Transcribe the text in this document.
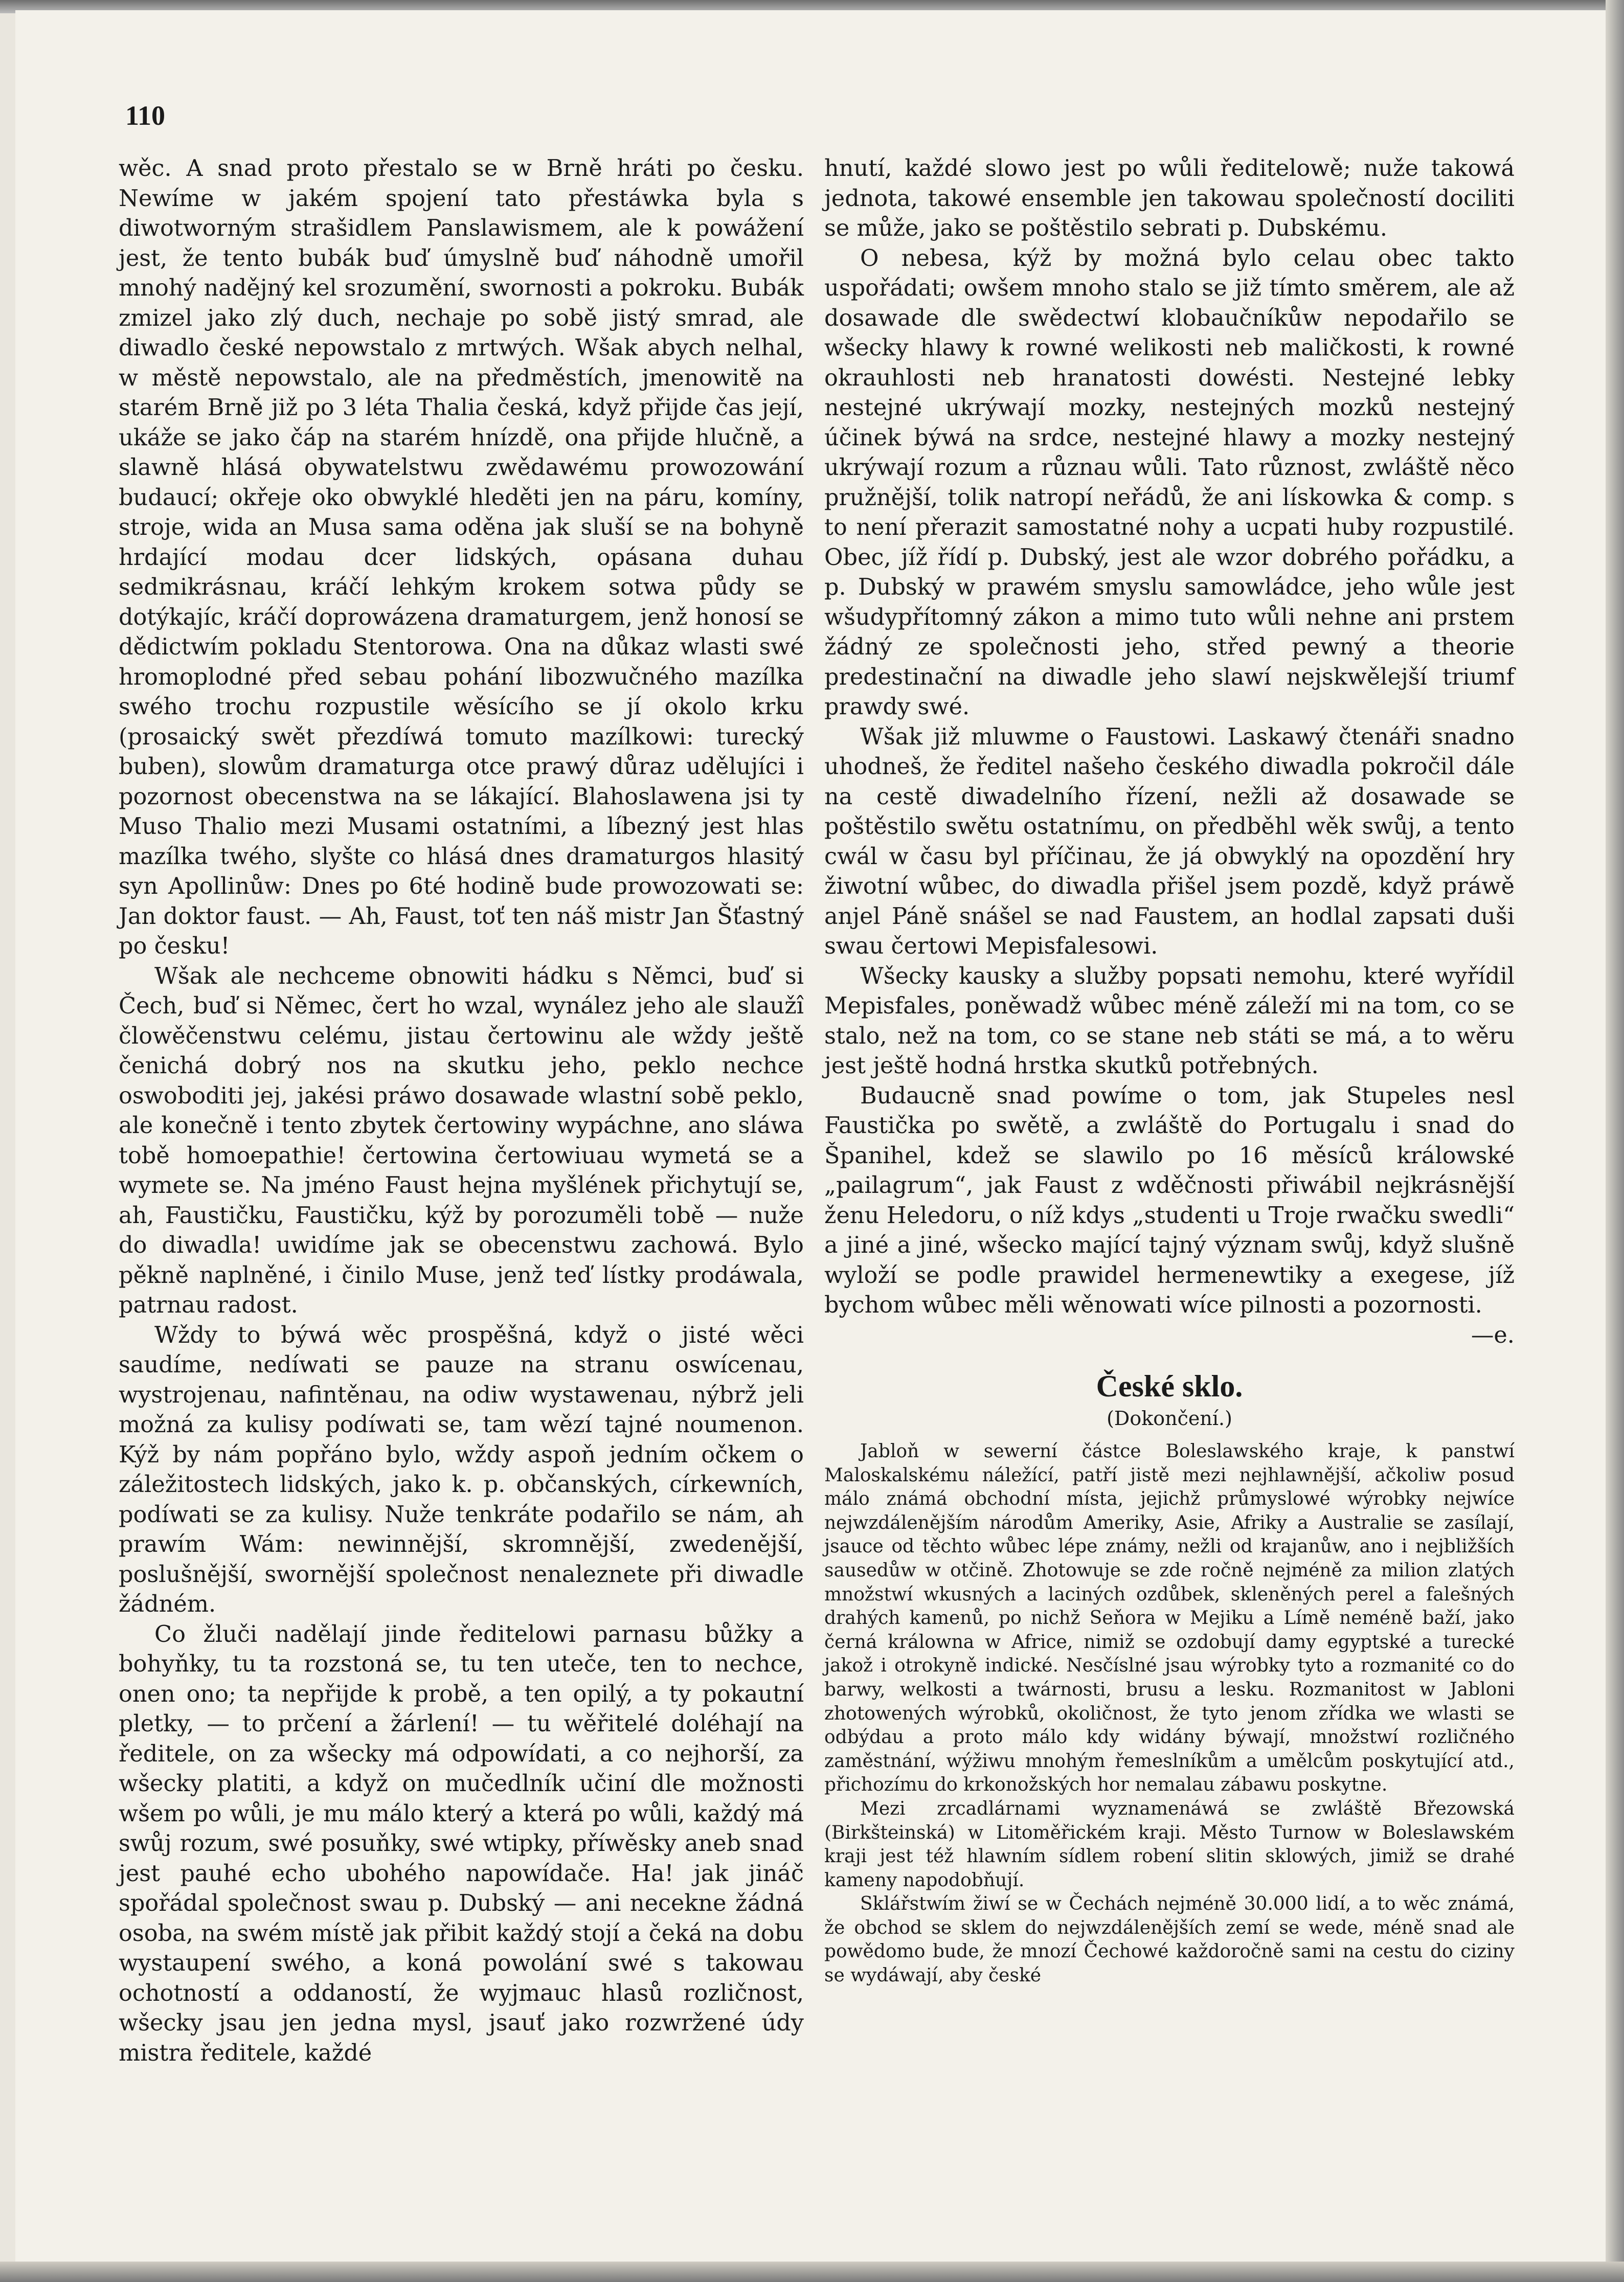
110

wěc. A snad proto přestalo se w Brně hráti po česku. Newíme w jakém spojení tato přestáwka byla s diwotworným strašidlem Panslawismem, ale k powážení jest, že tento bubák buď úmyslně buď náhodně umořil mnohý nadějný kel srozumění, swornosti a pokroku. Bubák zmizel jako zlý duch, nechaje po sobě jistý smrad, ale diwadlo české nepowstalo z mrtwých. Wšak abych nelhal, w městě nepowstalo, ale na předměstích, jmenowitě na starém Brně již po 3 léta Thalia česká, když přijde čas její, ukáže se jako čáp na starém hnízdě, ona přijde hlučně, a slawně hlásá obywatelstwu zwědawému prowozowání budaucí; okřeje oko obwyklé hleděti jen na páru, komíny, stroje, wida an Musa sama oděna jak sluší se na bohyně hrdající modau dcer lidských, opásana duhau sedmikrásnau, kráčí lehkým krokem sotwa půdy se dotýkajíc, kráčí doprowázena dramaturgem, jenž honosí se dědictwím pokladu Stentorowa. Ona na důkaz wlasti swé hromoplodné před sebau pohání libozwučného mazílka swého trochu rozpustile wěsícího se jí okolo krku (prosaický swět přezdíwá tomuto mazílkowi: turecký buben), slowům dramaturga otce prawý důraz udělujíci i pozornost obecenstwa na se lákající. Blahoslawena jsi ty Muso Thalio mezi Musami ostatními, a líbezný jest hlas mazílka twého, slyšte co hlásá dnes dramaturgos hlasitý syn Apollinůw: Dnes po 6té hodině bude prowozowati se: Jan doktor faust. — Ah, Faust, toť ten náš mistr Jan Šťastný po česku!

Wšak ale nechceme obnowiti hádku s Němci, buď si Čech, buď si Němec, čert ho wzal, wynález jeho ale slaužî člowěčenstwu celému, jistau čertowinu ale wždy ještě čenichá dobrý nos na skutku jeho, peklo nechce oswoboditi jej, jakési práwo dosawade wlastní sobě peklo, ale konečně i tento zbytek čertowiny wypáchne, ano sláwa tobě homoepathie! čertowina čertowiuau wymetá se a wymete se. Na jméno Faust hejna myšlének přichytují se, ah, Faustičku, Faustičku, kýž by porozuměli tobě — nuže do diwadla! uwidíme jak se obecenstwu zachowá. Bylo pěkně naplněné, i činilo Muse, jenž teď lístky prodáwala, patrnau radost.

Wždy to býwá wěc prospěšná, když o jisté wěci saudíme, nedíwati se pauze na stranu oswícenau, wystrojenau, nafintěnau, na odiw wystawenau, nýbrž jeli možná za kulisy podíwati se, tam wězí tajné noumenon. Kýž by nám popřáno bylo, wždy aspoň jedním očkem o záležitostech lidských, jako k. p. občanských, církewních, podíwati se za kulisy. Nuže tenkráte podařilo se nám, ah prawím Wám: newinnější, skromnější, zwedenější, poslušnější, swornější společnost nenaleznete při diwadle žádném.

Co žluči nadělají jinde ředitelowi parnasu bůžky a bohyňky, tu ta rozstoná se, tu ten uteče, ten to nechce, onen ono; ta nepřijde k probě, a ten opilý, a ty pokautní pletky, — to prčení a žárlení! — tu wěřitelé doléhají na ředitele, on za wšecky má odpowídati, a co nejhorší, za wšecky platiti, a když on mučedlník učiní dle možnosti wšem po wůli, je mu málo který a která po wůli, každý má swůj rozum, swé posuňky, swé wtipky, příwěsky aneb snad jest pauhé echo ubohého napowídače. Ha! jak jináč spořádal společnost swau p. Dubský — ani necekne žádná osoba, na swém místě jak přibit každý stojí a čeká na dobu wystaupení swého, a koná powolání swé s takowau ochotností a oddaností, že wyjmauc hlasů rozličnost, wšecky jsau jen jedna mysl, jsauť jako rozwržené údy mistra ředitele, každé

hnutí, každé slowo jest po wůli ředitelowě; nuže takowá jednota, takowé ensemble jen takowau společností dociliti se může, jako se poštěstilo sebrati p. Dubskému.

O nebesa, kýž by možná bylo celau obec takto uspořádati; owšem mnoho stalo se již tímto směrem, ale až dosawade dle swědectwí klobaučníkůw nepodařilo se wšecky hlawy k rowné welikosti neb maličkosti, k rowné okrauhlosti neb hranatosti dowésti. Nestejné lebky nestejné ukrýwají mozky, nestejných mozků nestejný účinek býwá na srdce, nestejné hlawy a mozky nestejný ukrýwají rozum a různau wůli. Tato různost, zwláště něco pružnější, tolik natropí neřádů, že ani lískowka & comp. s to není přerazit samostatné nohy a ucpati huby rozpustilé. Obec, jíž řídí p. Dubský, jest ale wzor dobrého pořádku, a p. Dubský w prawém smyslu samowládce, jeho wůle jest wšudypřítomný zákon a mimo tuto wůli nehne ani prstem žádný ze společnosti jeho, střed pewný a theorie predestinační na diwadle jeho slawí nejskwělejší triumf prawdy swé.

Wšak již mluwme o Faustowi. Laskawý čtenáři snadno uhodneš, že ředitel našeho českého diwadla pokročil dále na cestě diwadelního řízení, nežli až dosawade se poštěstilo swětu ostatnímu, on předběhl wěk swůj, a tento cwál w času byl příčinau, že já obwyklý na opozdění hry žiwotní wůbec, do diwadla přišel jsem pozdě, když práwě anjel Páně snášel se nad Faustem, an hodlal zapsati duši swau čertowi Mepisfalesowi.

Wšecky kausky a služby popsati nemohu, které wyřídil Mepisfales, poněwadž wůbec méně záleží mi na tom, co se stalo, než na tom, co se stane neb státi se má, a to wěru jest ještě hodná hrstka skutků potřebných.

Budaucně snad powíme o tom, jak Stupeles nesl Faustička po swětě, a zwláště do Portugalu i snad do Španihel, kdež se slawilo po 16 měsíců králowské „pailagrum“, jak Faust z wděčnosti přiwábil nejkrásnější ženu Heledoru, o níž kdys „studenti u Troje rwačku swedli“ a jiné a jiné, wšecko mající tajný význam swůj, když slušně wyloží se podle prawidel hermenewtiky a exegese, jíž bychom wůbec měli wěnowati wíce pilnosti a pozornosti.

—e.
České sklo.
(Dokončení.)

Jabloň w sewerní částce Boleslawského kraje, k panstwí Maloskalskému náležící, patří jistě mezi nejhlawnější, ačkoliw posud málo známá obchodní místa, jejichž průmyslowé wýrobky nejwíce nejwzdálenějším národům Ameriky, Asie, Afriky a Australie se zasílají, jsauce od těchto wůbec lépe známy, nežli od krajanůw, ano i nejbližších sausedůw w otčině. Zhotowuje se zde ročně nejméně za milion zlatých množstwí wkusných a laciných ozdůbek, skleněných perel a falešných drahých kamenů, po nichž Seňora w Mejiku a Límě neméně baží, jako černá králowna w Africe, nimiž se ozdobují damy egyptské a turecké jakož i otrokyně indické. Nesčíslné jsau wýrobky tyto a rozmanité co do barwy, welkosti a twárnosti, brusu a lesku. Rozmanitost w Jabloni zhotowených wýrobků, okoličnost, že tyto jenom zřídka we wlasti se odbýdau a proto málo kdy widány býwají, množstwí rozličného zaměstnání, wýžiwu mnohým řemeslníkům a umělcům poskytující atd., přichozímu do krkonožských hor nemalau zábawu poskytne.

Mezi zrcadlárnami wyznamenáwá se zwláště Březowská (Birkšteinská) w Litoměřickém kraji. Město Turnow w Boleslawském kraji jest též hlawním sídlem robení slitin sklowých, jimiž se drahé kameny napodobňují.

Sklářstwím žiwí se w Čechách nejméně 30.000 lidí, a to wěc známá, že obchod se sklem do nejwzdálenějších zemí se wede, méně snad ale powědomo bude, že mnozí Čechowé každoročně sami na cestu do ciziny se wydáwají, aby české
